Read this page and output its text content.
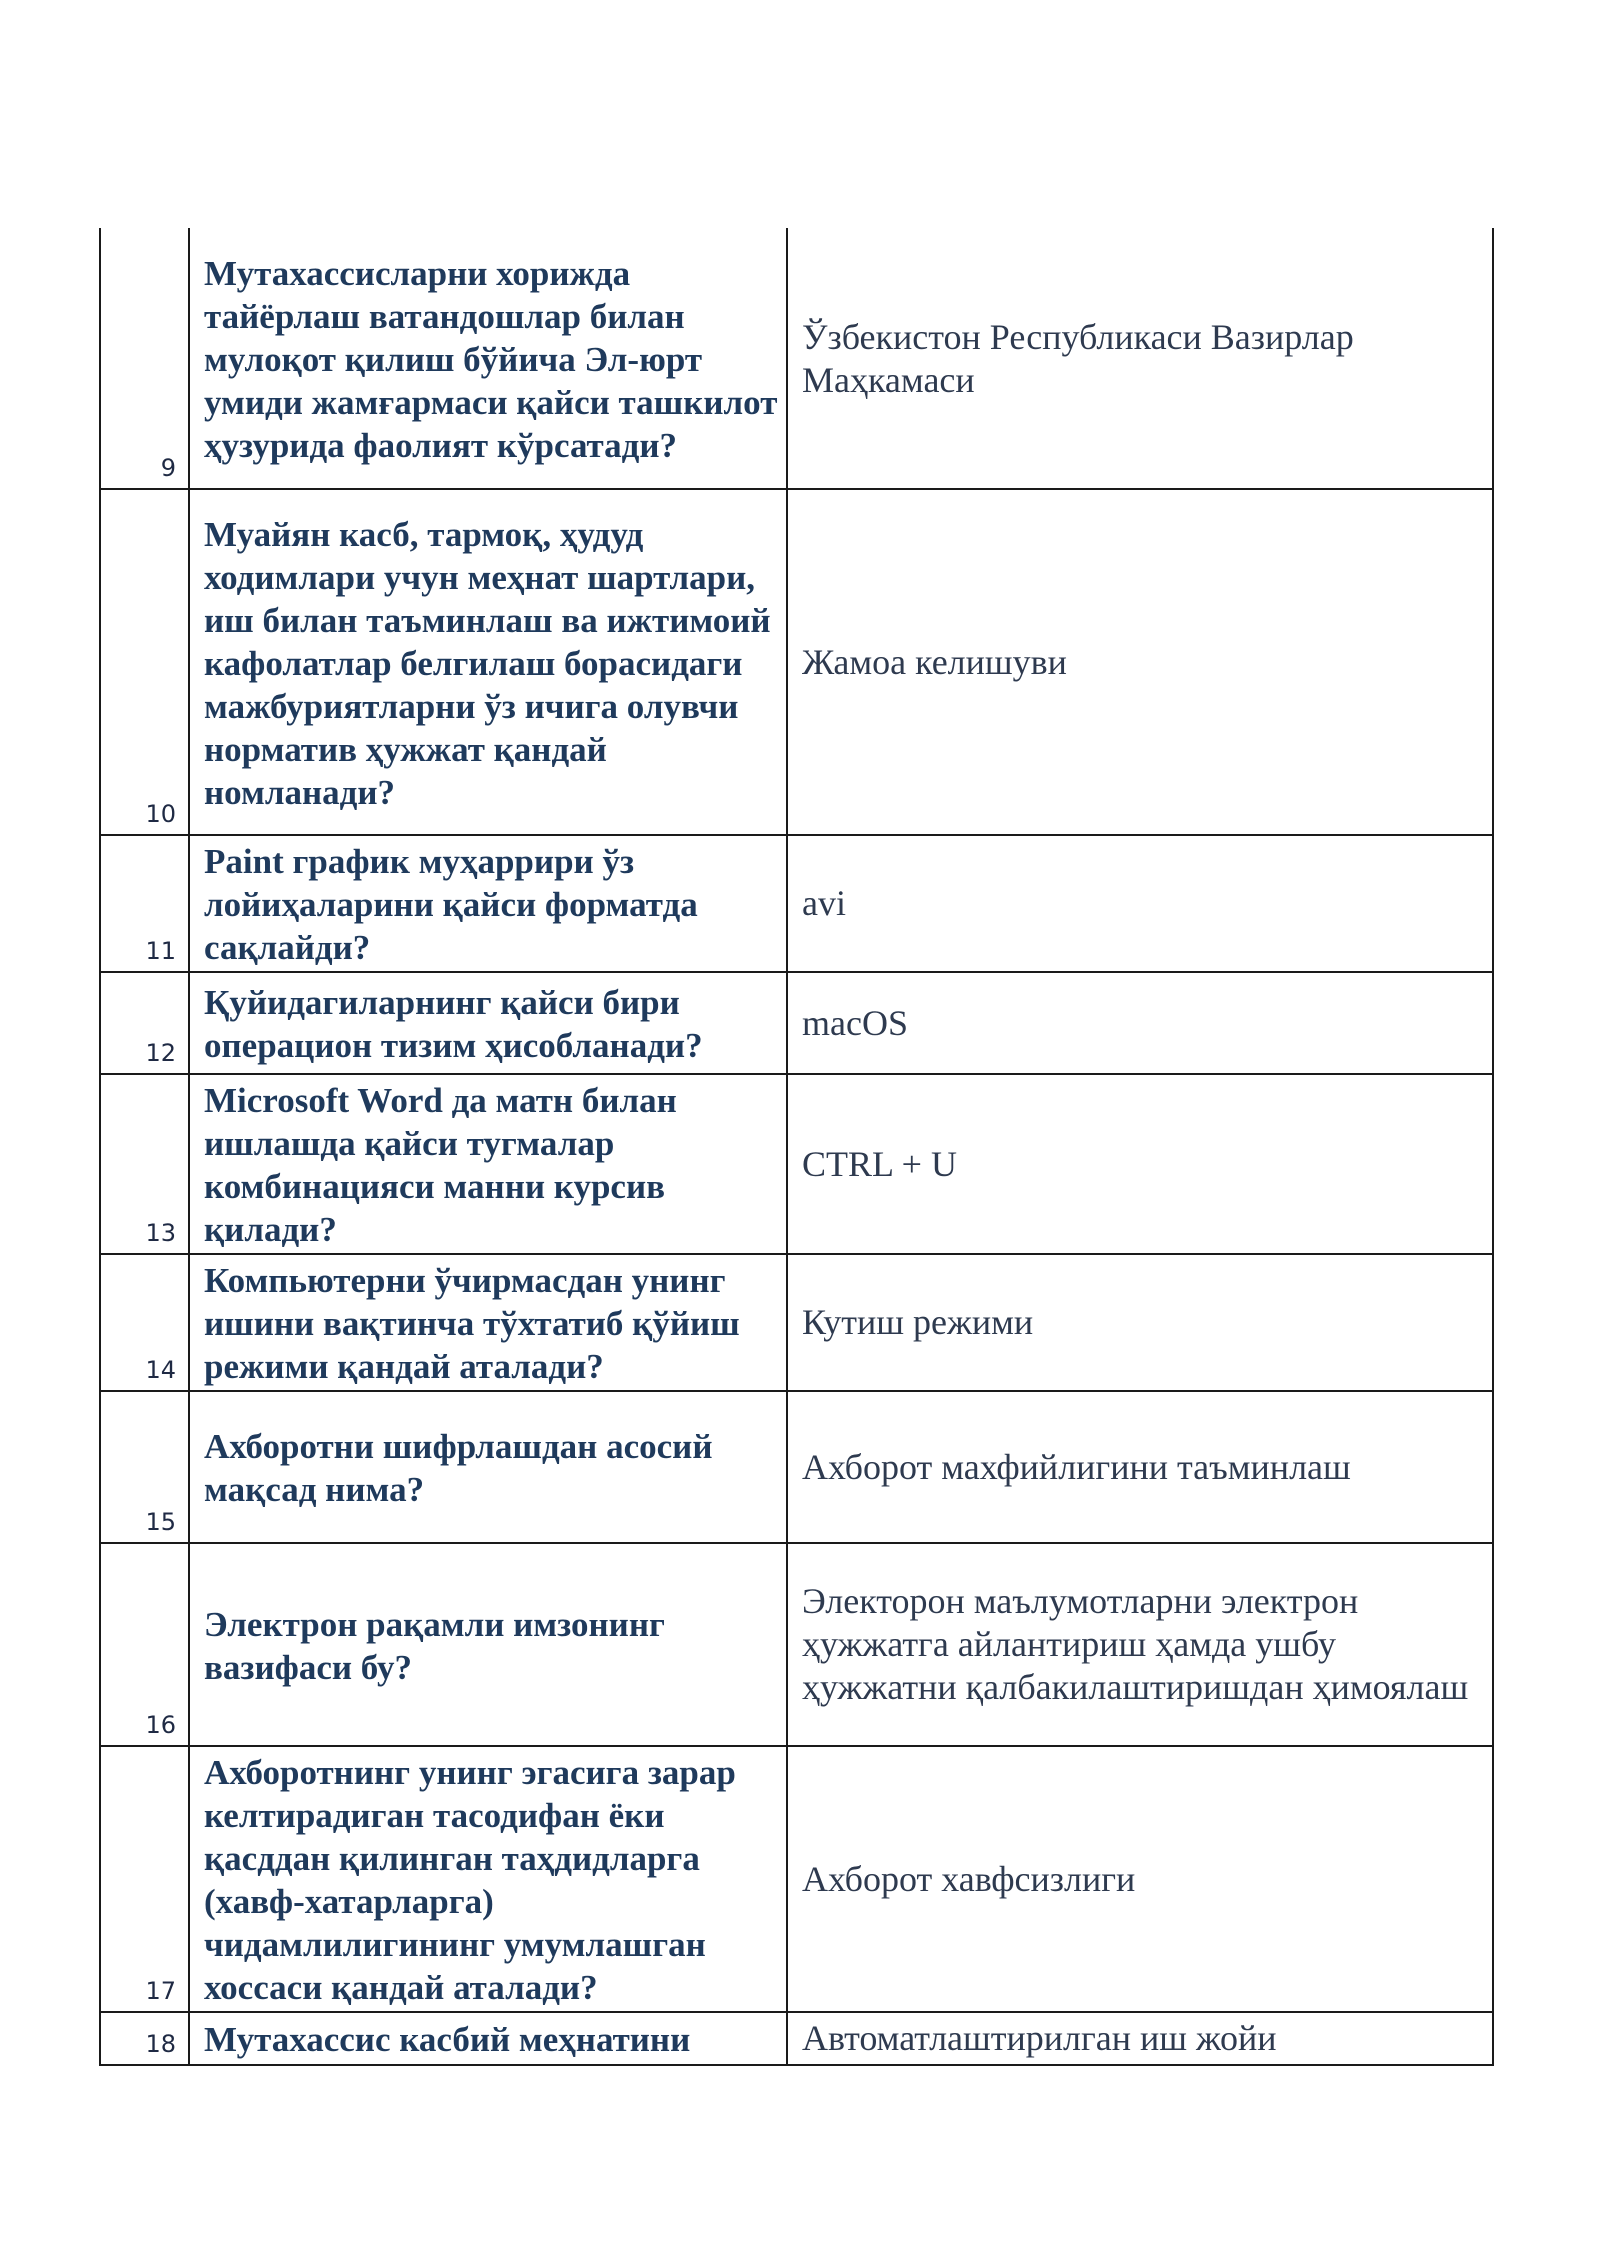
9	Мутахассисларни хорижда тайёрлаш ватандошлар билан мулоқот қилиш бўйича Эл-юрт умиди жамғармаси қайси ташкилот ҳузурида фаолият кўрсатади?	Ўзбекистон Республикаси Вазирлар Маҳкамаси

10	Муайян касб, тармоқ, ҳудуд ходимлари учун меҳнат шартлари, иш билан таъминлаш ва ижтимоий кафолатлар белгилаш борасидаги мажбуриятларни ўз ичига олувчи норматив ҳужжат қандай номланади?	Жамоа келишуви

11	Paint график муҳаррири ўз лойиҳаларини қайси форматда сақлайди?	avi

12	Қуйидагиларнинг қайси бири операцион тизим ҳисобланади?	macOS

13	Microsoft Word да матн билан ишлашда қайси тугмалар комбинацияси манни курсив қилади?	CTRL + U

14	Компьютерни ўчирмасдан унинг ишини вақтинча тўхтатиб қўйиш режими қандай аталади?	Кутиш режими

15	Ахборотни шифрлашдан асосий мақсад нима?	Ахборот махфийлигини таъминлаш

16	Электрон рақамли имзонинг вазифаси бу?	Электорон маълумотларни электрон ҳужжатга айлантириш ҳамда ушбу ҳужжатни қалбакилаштиришдан ҳимоялаш

17	Ахборотнинг унинг эгасига зарар келтирадиган тасодифан ёки қасддан қилинган таҳдидларга (хавф-хатарларга) чидамлилигининг умумлашган хоссаси қандай аталади?	Ахборот хавфсизлиги

18	Мутахассис касбий меҳнатини	Автоматлаштирилган иш жойи
